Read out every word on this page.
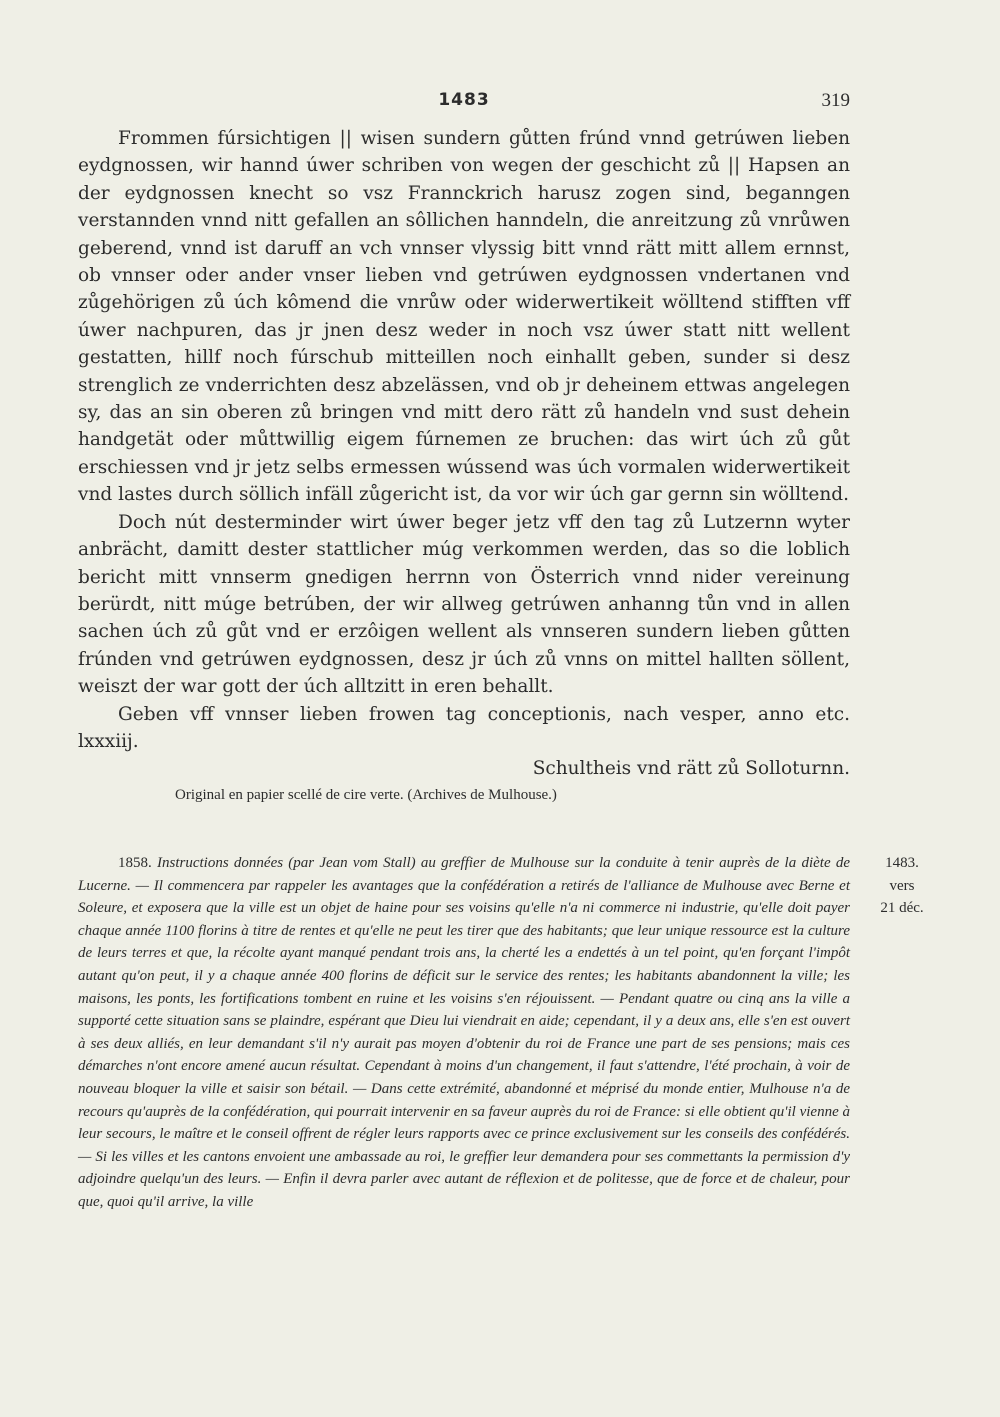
1483	319

Frommen fúrsichtigen || wisen sundern gůtten frúnd vnnd getrúwen lieben eydgnossen, wir hannd úwer schriben von wegen der geschicht zů || Hapsen an der eydgnossen knecht so vsz Frannckrich harusz zogen sind, beganngen verstannden vnnd nitt gefallen an sôllichen hanndeln, die anreitzung zů vnrůwen geberend, vnnd ist daruff an vch vnnser vlyssig bitt vnnd rätt mitt allem ernnst, ob vnnser oder ander vnser lieben vnd getrúwen eydgnossen vndertanen vnd zůgehörigen zů úch kômend die vnrůw oder widerwertikeit wölltend stifften vff úwer nachpuren, das jr jnen desz weder in noch vsz úwer statt nitt wellent gestatten, hillf noch fúrschub mitteillen noch einhallt geben, sunder si desz strenglich ze vnderrichten desz abzelässen, vnd ob jr deheinem ettwas angelegen sy, das an sin oberen zů bringen vnd mitt dero rätt zů handeln vnd sust dehein handgetät oder můttwillig eigem fúrnemen ze bruchen: das wirt úch zů gůt erschiessen vnd jr jetz selbs ermessen wússend was úch vormalen widerwertikeit vnd lastes durch söllich infäll zůgericht ist, da vor wir úch gar gernn sin wölltend.

Doch nút desterminder wirt úwer beger jetz vff den tag zů Lutzernn wyter anbrächt, damitt dester stattlicher múg verkommen werden, das so die loblich bericht mitt vnnserm gnedigen herrnn von Österrich vnnd nider vereinung berürdt, nitt múge betrúben, der wir allweg getrúwen anhanng tůn vnd in allen sachen úch zů gůt vnd er erzôigen wellent als vnnseren sundern lieben gůtten frúnden vnd getrúwen eydgnossen, desz jr úch zů vnns on mittel hallten söllent, weiszt der war gott der úch alltzitt in eren behallt.

Geben vff vnnser lieben frowen tag conceptionis, nach vesper, anno etc. lxxxiij.

Schultheis vnd rätt zů Solloturnn.

Original en papier scellé de cire verte. (Archives de Mulhouse.)

1858. Instructions données (par Jean vom Stall) au greffier de Mulhouse sur la conduite à tenir auprès de la diète de Lucerne. — Il commencera par rappeler les avantages que la confédération a retirés de l'alliance de Mulhouse avec Berne et Soleure, et exposera que la ville est un objet de haine pour ses voisins qu'elle n'a ni commerce ni industrie, qu'elle doit payer chaque année 1100 florins à titre de rentes et qu'elle ne peut les tirer que des habitants; que leur unique ressource est la culture de leurs terres et que, la récolte ayant manqué pendant trois ans, la cherté les a endettés à un tel point, qu'en forçant l'impôt autant qu'on peut, il y a chaque année 400 florins de déficit sur le service des rentes; les habitants abandonnent la ville; les maisons, les ponts, les fortifications tombent en ruine et les voisins s'en réjouissent. — Pendant quatre ou cinq ans la ville a supporté cette situation sans se plaindre, espérant que Dieu lui viendrait en aide; cependant, il y a deux ans, elle s'en est ouvert à ses deux alliés, en leur demandant s'il n'y aurait pas moyen d'obtenir du roi de France une part de ses pensions; mais ces démarches n'ont encore amené aucun résultat. Cependant à moins d'un changement, il faut s'attendre, l'été prochain, à voir de nouveau bloquer la ville et saisir son bétail. — Dans cette extrémité, abandonné et méprisé du monde entier, Mulhouse n'a de recours qu'auprès de la confédération, qui pourrait intervenir en sa faveur auprès du roi de France: si elle obtient qu'il vienne à leur secours, le maître et le conseil offrent de régler leurs rapports avec ce prince exclusivement sur les conseils des confédérés. — Si les villes et les cantons envoient une ambassade au roi, le greffier leur demandera pour ses commettants la permission d'y adjoindre quelqu'un des leurs. — Enfin il devra parler avec autant de réflexion et de politesse, que de force et de chaleur, pour que, quoi qu'il arrive, la ville

1483.
vers
21 déc.
